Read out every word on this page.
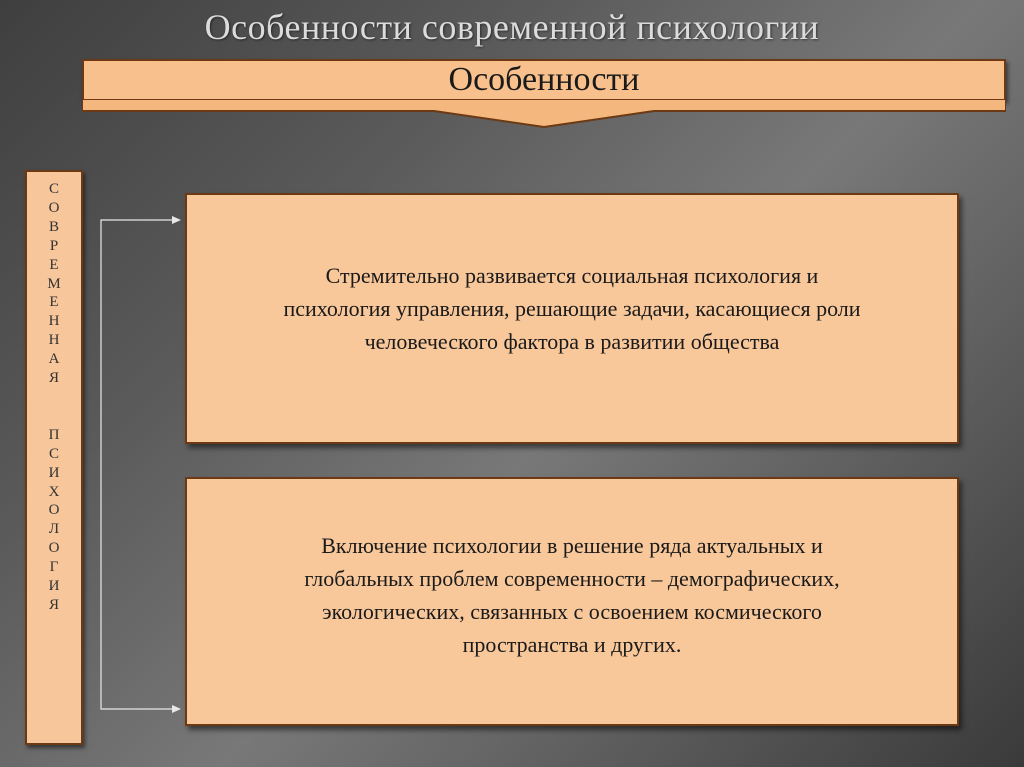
Особенности современной психологии
Особенности
С
О
В
Р
Е
М
Е
Н
Н
А
Я

П
С
И
Х
О
Л
О
Г
И
Я
Стремительно развивается социальная психология и
психология управления, решающие задачи, касающиеся роли
человеческого фактора в развитии общества
Включение психологии в решение ряда актуальных и
глобальных проблем современности – демографических,
экологических, связанных с освоением космического
пространства и других.
